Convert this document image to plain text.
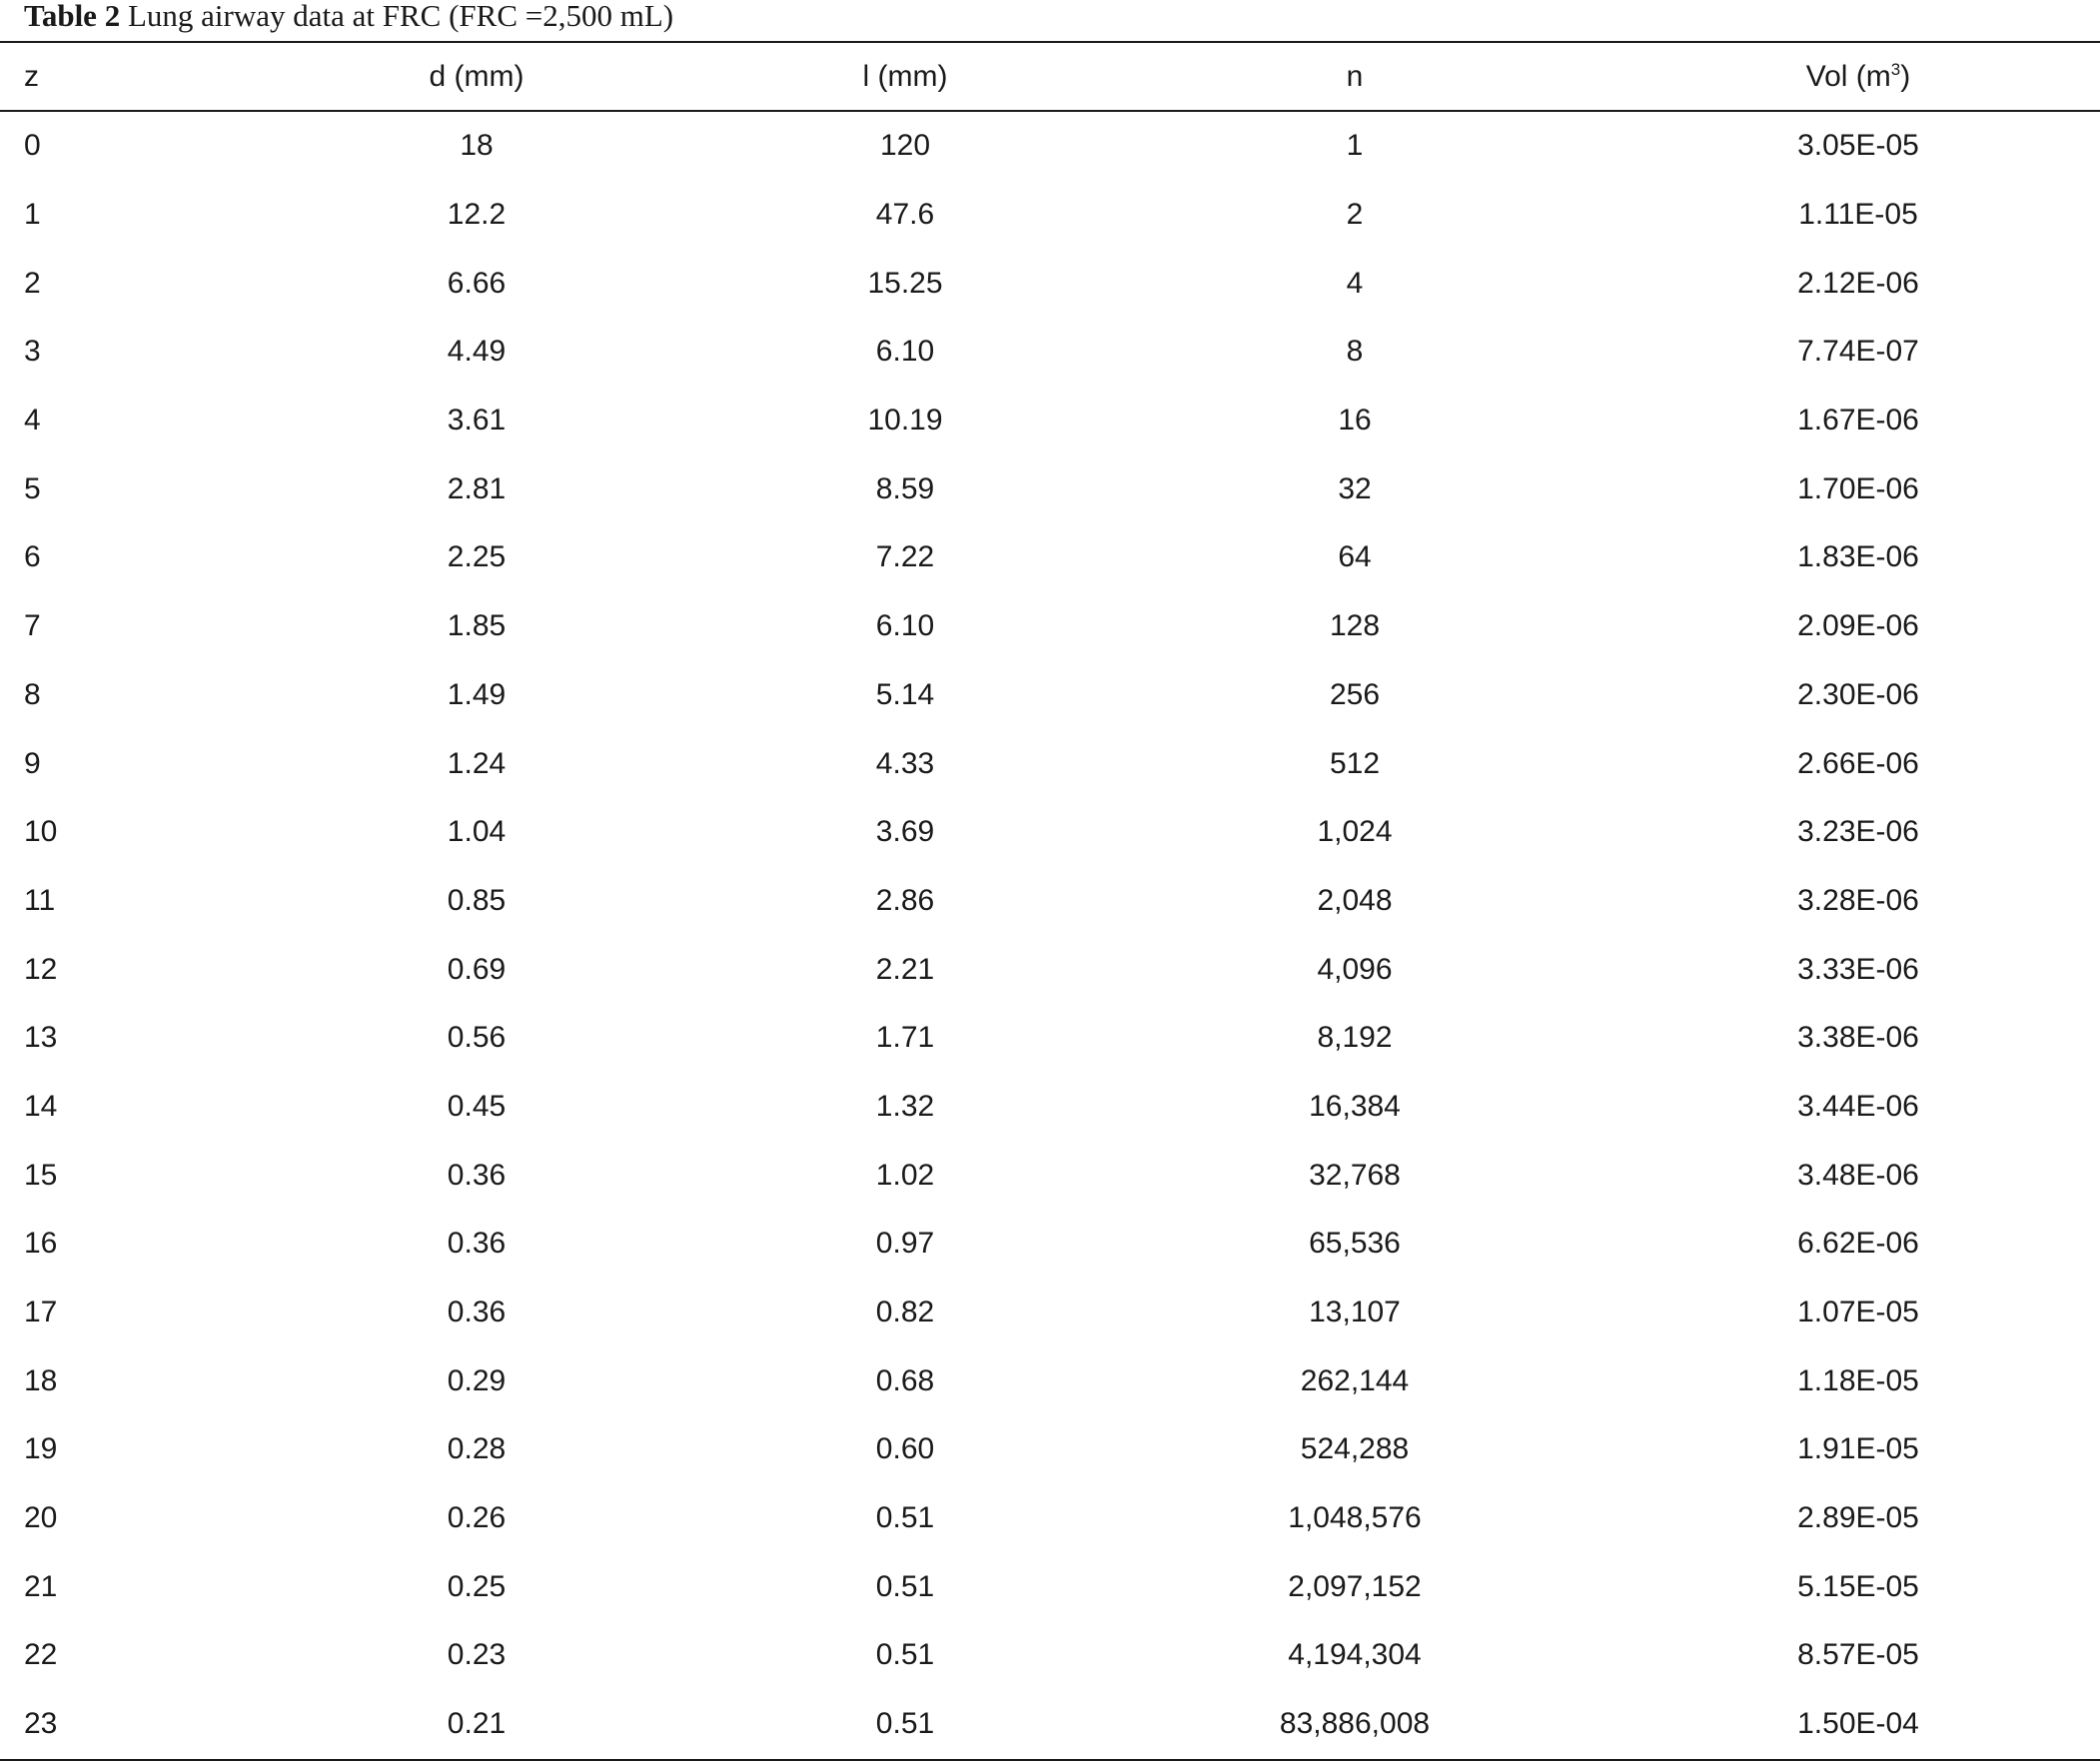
Table 2 Lung airway data at FRC (FRC =2,500 mL)
z	d (mm)	l (mm)	n	Vol $(m^3)$
0	18	120	1	3.05E-05
1	12.2	47.6	2	1.11E-05
2	6.66	15.25	4	2.12E-06
3	4.49	6.10	8	7.74E-07
4	3.61	10.19	16	1.67E-06
5	2.81	8.59	32	1.70E-06
6	2.25	7.22	64	1.83E-06
7	1.85	6.10	128	2.09E-06
8	1.49	5.14	256	2.30E-06
9	1.24	4.33	512	2.66E-06
10	1.04	3.69	1,024	3.23E-06
11	0.85	2.86	2,048	3.28E-06
12	0.69	2.21	4,096	3.33E-06
13	0.56	1.71	8,192	3.38E-06
14	0.45	1.32	16,384	3.44E-06
15	0.36	1.02	32,768	3.48E-06
16	0.36	0.97	65,536	6.62E-06
17	0.36	0.82	13,107	1.07E-05
18	0.29	0.68	262,144	1.18E-05
19	0.28	0.60	524,288	1.91E-05
20	0.26	0.51	1,048,576	2.89E-05
21	0.25	0.51	2,097,152	5.15E-05
22	0.23	0.51	4,194,304	8.57E-05
23	0.21	0.51	83,886,008	1.50E-04
